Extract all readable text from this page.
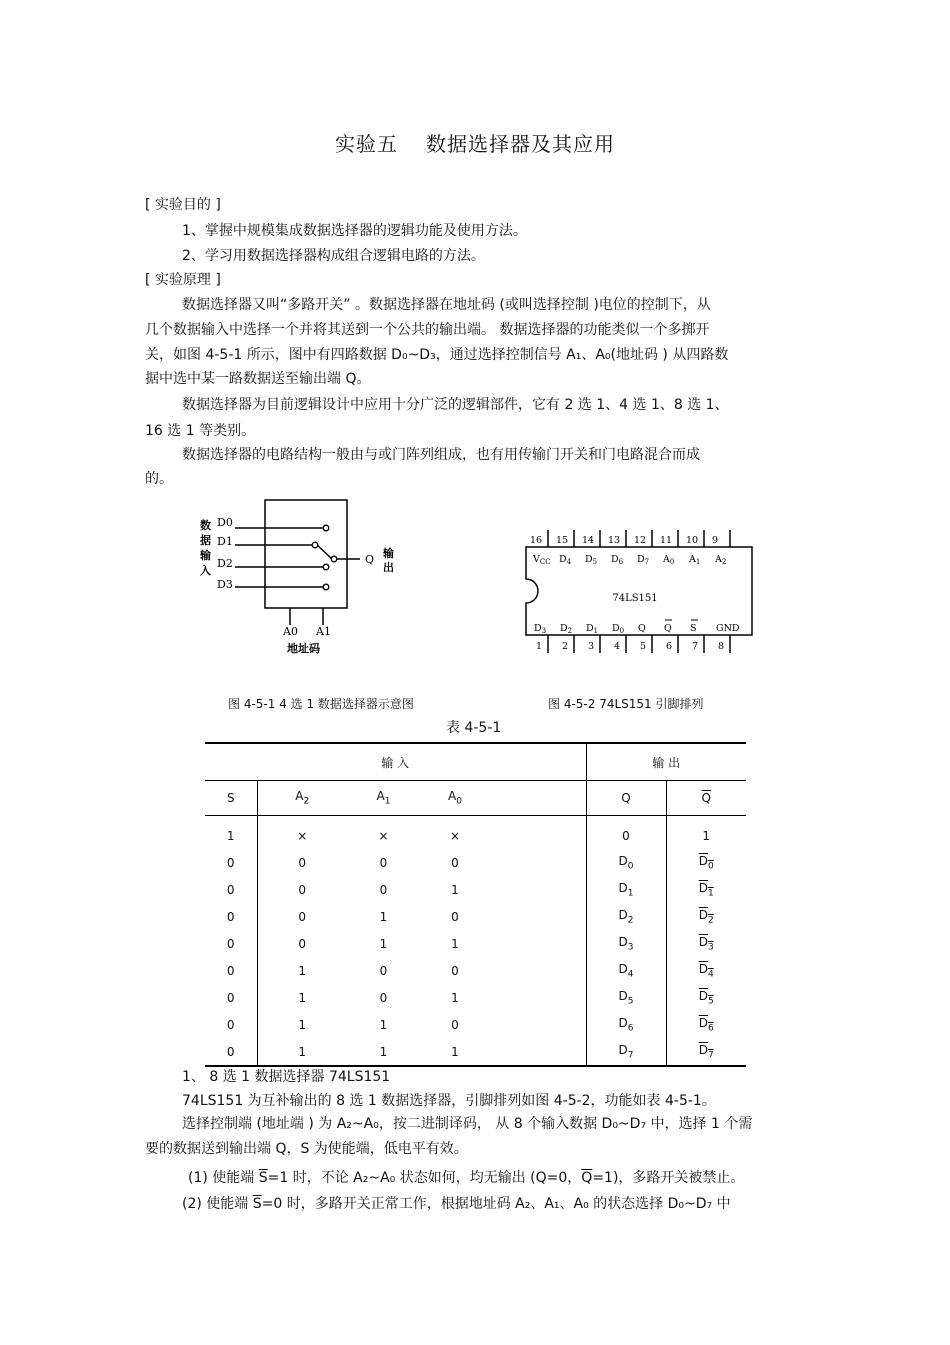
实验五 数据选择器及其应用
[ 实验目的 ]
1、掌握中规模集成数据选择器的逻辑功能及使用方法。
2、学习用数据选择器构成组合逻辑电路的方法。
[ 实验原理 ]
数据选择器又叫“多路开关” 。数据选择器在地址码 (或叫选择控制 )电位的控制下，从
几个数据输入中选择一个并将其送到一个公共的输出端。 数据选择器的功能类似一个多掷开
关，如图 4-5-1 所示，图中有四路数据 D₀~D₃，通过选择控制信号 A₁、A₀(地址码 ) 从四路数
据中选中某一路数据送至输出端 Q。
数据选择器为目前逻辑设计中应用十分广泛的逻辑部件，它有 2 选 1、4 选 1、8 选 1、
16 选 1 等类别。
数据选择器的电路结构一般由与或门阵列组成，也有用传输门开关和门电路混合而成
的。
D0
D1
D2
D3
数
据
输
入
Q 输
出
A0 A1
地址码
74LS151
16
$V_{CC}$
15
$D_4$
14
$D_5$
13
$D_6$
12
$D_7$
11
$A_0$
10
$A_1$
9
$A_2$
1
$D_3$
2
$D_2$
3
$D_1$
4
$D_0$
5
Q
6
Q
7
S
8
GND
图 4-5-1 4 选 1 数据选择器示意图	图 4-5-2 74LS151 引脚排列
表 4-5-1
输 入					输 出	
S	$A_2$	$A_1$	$A_0$		Q	$\overline{Q}$
1	×	×	×		0	1
0	0	0	0		$D_0$	$D_0$
0	0	0	1		$D_1$	$D_1$
0	0	1	0		$D_2$	$D_2$
0	0	1	1		$D_3$	$D_3$
0	1	0	0		$D_4$	$D_4$
0	1	0	1		$D_5$	$D_5$
0	1	1	0		$D_6$	$D_6$
0	1	1	1		$D_7$	$D_7$
1、 8 选 1 数据选择器 74LS151
74LS151 为互补输出的 8 选 1 数据选择器，引脚排列如图 4-5-2，功能如表 4-5-1。
选择控制端 (地址端 ) 为 A₂~A₀，按二进制译码， 从 8 个输入数据 D₀~D₇ 中，选择 1 个需
要的数据送到输出端 Q，S 为使能端，低电平有效。
(1) 使能端 $\overline{S}=1$ 时，不论 A₂~A₀ 状态如何，均无输出 (Q=0，$\overline{Q}=1$)，多路开关被禁止。
(2) 使能端 $\overline{S}=0$ 时，多路开关正常工作，根据地址码 A₂、A₁、A₀ 的状态选择 D₀~D₇ 中
